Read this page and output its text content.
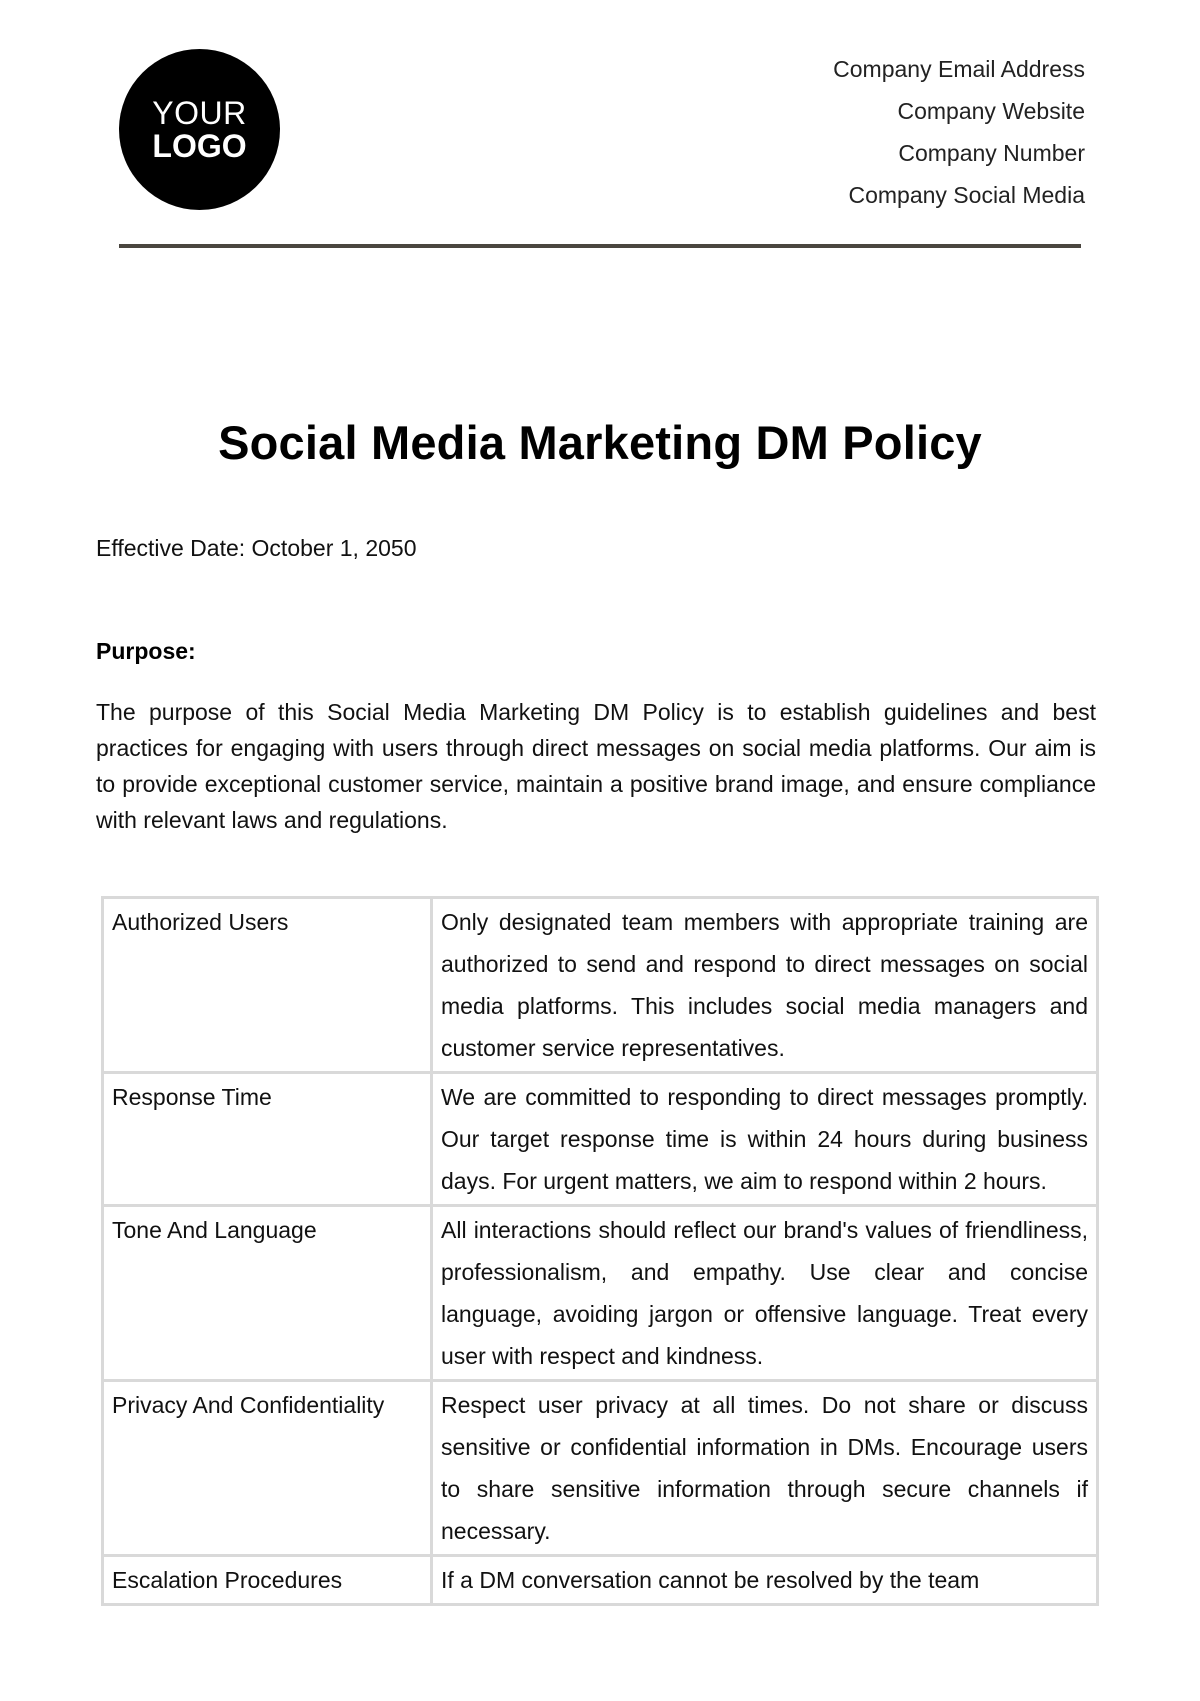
YOUR
LOGO
Company Email Address
Company Website
Company Number
Company Social Media
Social Media Marketing DM Policy
Effective Date: October 1, 2050
Purpose:
The purpose of this Social Media Marketing DM Policy is to establish guidelines and best practices for engaging with users through direct messages on social media platforms. Our aim is to provide exceptional customer service, maintain a positive brand image, and ensure compliance with relevant laws and regulations.
Authorized Users	Only designated team members with appropriate training are authorized to send and respond to direct messages on social media platforms. This includes social media managers and customer service representatives.
Response Time	We are committed to responding to direct messages promptly. Our target response time is within 24 hours during business days. For urgent matters, we aim to respond within 2 hours.
Tone And Language	All interactions should reflect our brand's values of friendliness, professionalism, and empathy. Use clear and concise language, avoiding jargon or offensive language. Treat every user with respect and kindness.
Privacy And Confidentiality	Respect user privacy at all times. Do not share or discuss sensitive or confidential information in DMs. Encourage users to share sensitive information through secure channels if necessary.
Escalation Procedures	If a DM conversation cannot be resolved by the team
